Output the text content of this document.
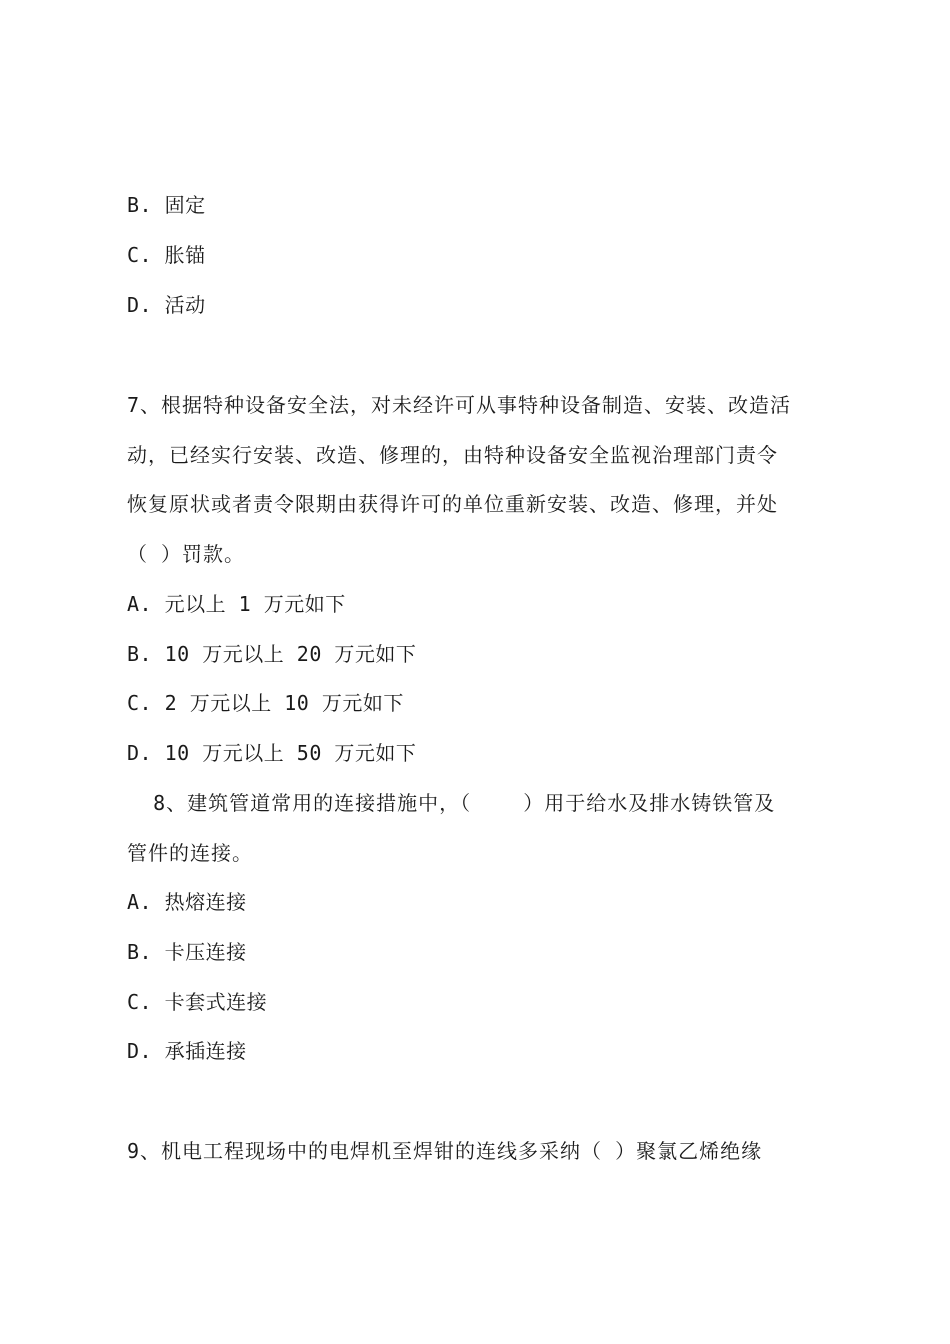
B. 固定
C. 胀锚
D. 活动
7、根据特种设备安全法，对未经许可从事特种设备制造、安装、改造活
动，已经实行安装、改造、修理的，由特种设备安全监视治理部门责令
恢复原状或者责令限期由获得许可的单位重新安装、改造、修理，并处
（ ）罚款。
A. 元以上 1 万元如下
B. 10 万元以上 20 万元如下
C. 2 万元以上 10 万元如下
D. 10 万元以上 50 万元如下
8、建筑管道常用的连接措施中，（    ）用于给水及排水铸铁管及
管件的连接。
A. 热熔连接
B. 卡压连接
C. 卡套式连接
D. 承插连接
9、机电工程现场中的电焊机至焊钳的连线多采纳（ ）聚氯乙烯绝缘
